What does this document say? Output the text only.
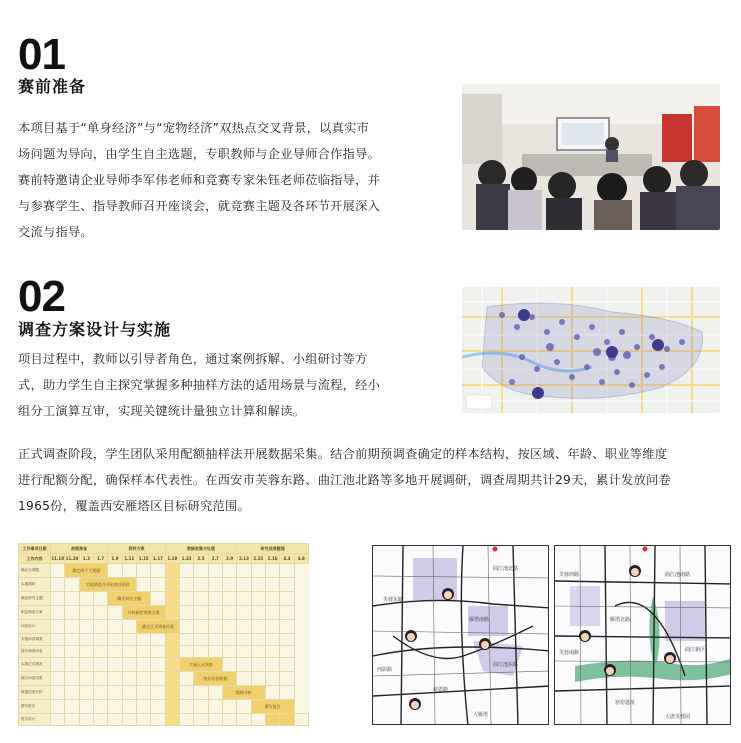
01
赛前准备
本项目基于“单身经济”与“宠物经济”双热点交叉背景，以真实市
场问题为导向，由学生自主选题，专职教师与企业导师合作指导。
赛前特邀请企业导师李军伟老师和竞赛专家朱钰老师莅临指导，并
与参赛学生、指导教师召开座谈会，就竞赛主题及各环节开展深入
交流与指导。
02
调查方案设计与实施
项目过程中，教师以引导者角色，通过案例拆解、小组研讨等方
式，助力学生自主探究掌握多种抽样方法的适用场景与流程，经小
组分工演算互审，实现关键统计量独立计算和解读。
正式调查阶段，学生团队采用配额抽样法开展数据采集。结合前期预调查确定的样本结构，按区域、年龄、职业等维度
进行配额分配，确保样本代表性。在西安市芙蓉东路、曲江池北路等多地开展调研，调查周期共计29天，累计发放问卷
1965份，覆盖西安雁塔区目标研究范围。
工作事项日期	前期准备				资料方案				数据收集与处理					研究成果整理				
工作内容	11.10	11.20	1.3	1.7	1.9	1.11	1.15	1.17	1.18	1.22	2.5	2.7	2.9	2.13	2.15	2.16	4.4	4.8
确定大课题		确定两个大课题																
实地调研			实地调查并开始查找资料															
确定研究主题					确定研究主题													
制定调查方案						开始制定调查方案												
问卷设计							确定正式调查问卷											
实施问卷调查																		
统计调查问卷																		
实施正式调查										实施正式调查								
统计问卷结果											统计问卷数据							
数据信度分析													数据分析					
撰写报告															撰写报告			
报告设计																		
曲江池北路
芙蓉东路
雁塔南路
西影路
曲江池东路
慈恩路
大雁塔
芙蓉西路	曲江池南路
雁塔北路
芙蓉南路	曲江新区
寒窑遗址
大唐芙蓉园
